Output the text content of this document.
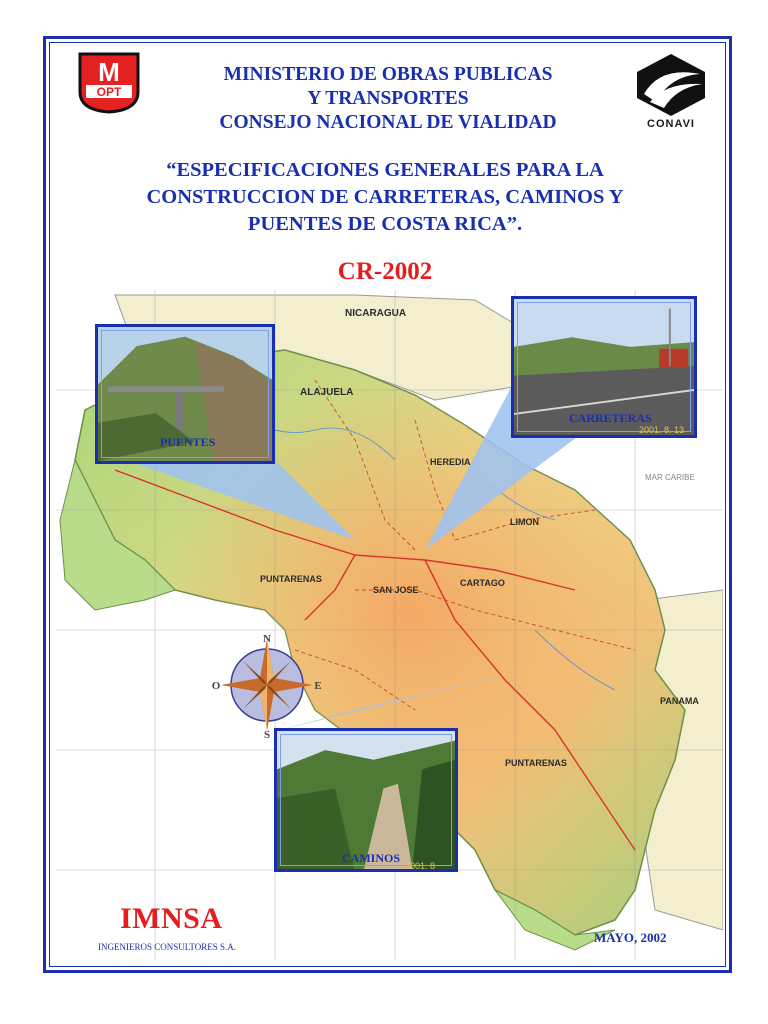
M
OPT
CONAVI
MINISTERIO DE OBRAS PUBLICAS
Y TRANSPORTES
CONSEJO NACIONAL DE VIALIDAD
“ESPECIFICACIONES GENERALES PARA LA
CONSTRUCCION DE CARRETERAS, CAMINOS Y
PUENTES DE COSTA RICA”.
CR-2002
NICARAGUA
ALAJUELA
HEREDIA
LIMON
PUNTARENAS
SAN JOSE
CARTAGO
PUNTARENAS
PANAMA
MAR CARIBE
N
S
E
O
PUENTES
CARRETERAS
2001. 8. 13
CAMINOS
2001. 8
IMNSA
INGENIEROS CONSULTORES S.A.
MAYO, 2002
